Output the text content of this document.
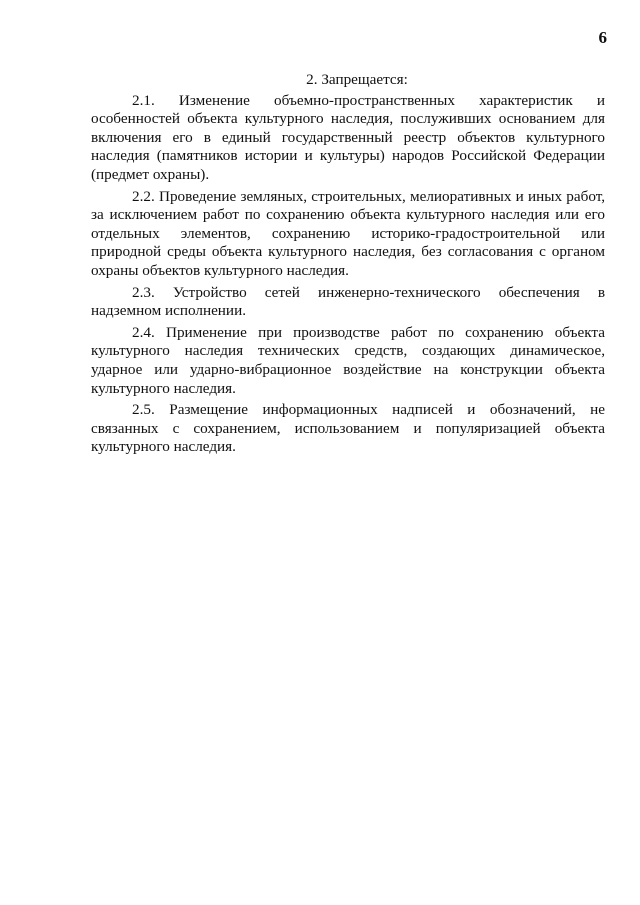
6

2. Запрещается:

2.1. Изменение объемно-пространственных характеристик и особенностей объекта культурного наследия, послуживших основанием для включения его в единый государственный реестр объектов культурного наследия (памятников истории и культуры) народов Российской Федерации (предмет охраны).

2.2. Проведение земляных, строительных, мелиоративных и иных работ, за исключением работ по сохранению объекта культурного наследия или его отдельных элементов, сохранению историко-градостроительной или природной среды объекта культурного наследия, без согласования с органом охраны объектов культурного наследия.

2.3. Устройство сетей инженерно-технического обеспечения в надземном исполнении.

2.4. Применение при производстве работ по сохранению объекта культурного наследия технических средств, создающих динамическое, ударное или ударно-вибрационное воздействие на конструкции объекта культурного наследия.

2.5. Размещение информационных надписей и обозначений, не связанных с сохранением, использованием и популяризацией объекта культурного наследия.
